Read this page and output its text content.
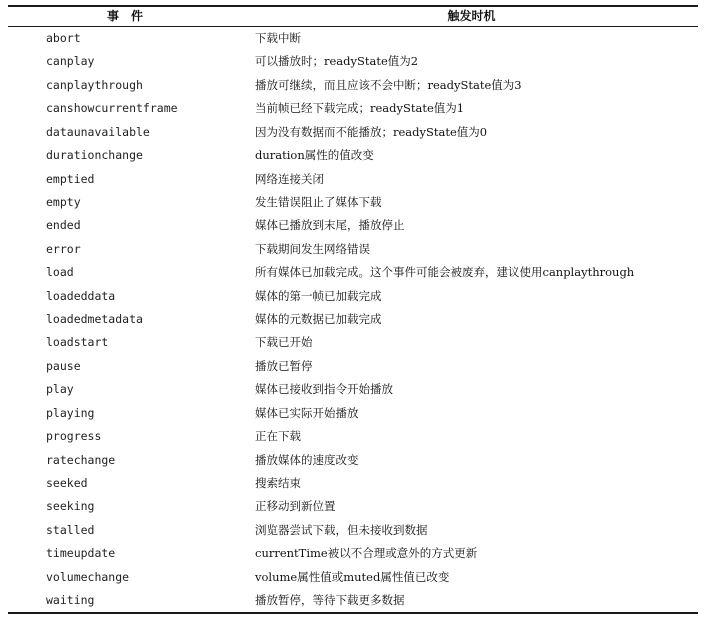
事　件	触发时机
abort	下载中断
canplay	可以播放时；readyState值为2
canplaythrough	播放可继续，而且应该不会中断；readyState值为3
canshowcurrentframe	当前帧已经下载完成；readyState值为1
dataunavailable	因为没有数据而不能播放；readyState值为0
durationchange	duration属性的值改变
emptied	网络连接关闭
empty	发生错误阻止了媒体下载
ended	媒体已播放到末尾，播放停止
error	下载期间发生网络错误
load	所有媒体已加载完成。这个事件可能会被废弃，建议使用canplaythrough
loadeddata	媒体的第一帧已加载完成
loadedmetadata	媒体的元数据已加载完成
loadstart	下载已开始
pause	播放已暂停
play	媒体已接收到指令开始播放
playing	媒体已实际开始播放
progress	正在下载
ratechange	播放媒体的速度改变
seeked	搜索结束
seeking	正移动到新位置
stalled	浏览器尝试下载，但未接收到数据
timeupdate	currentTime被以不合理或意外的方式更新
volumechange	volume属性值或muted属性值已改变
waiting	播放暂停，等待下载更多数据
